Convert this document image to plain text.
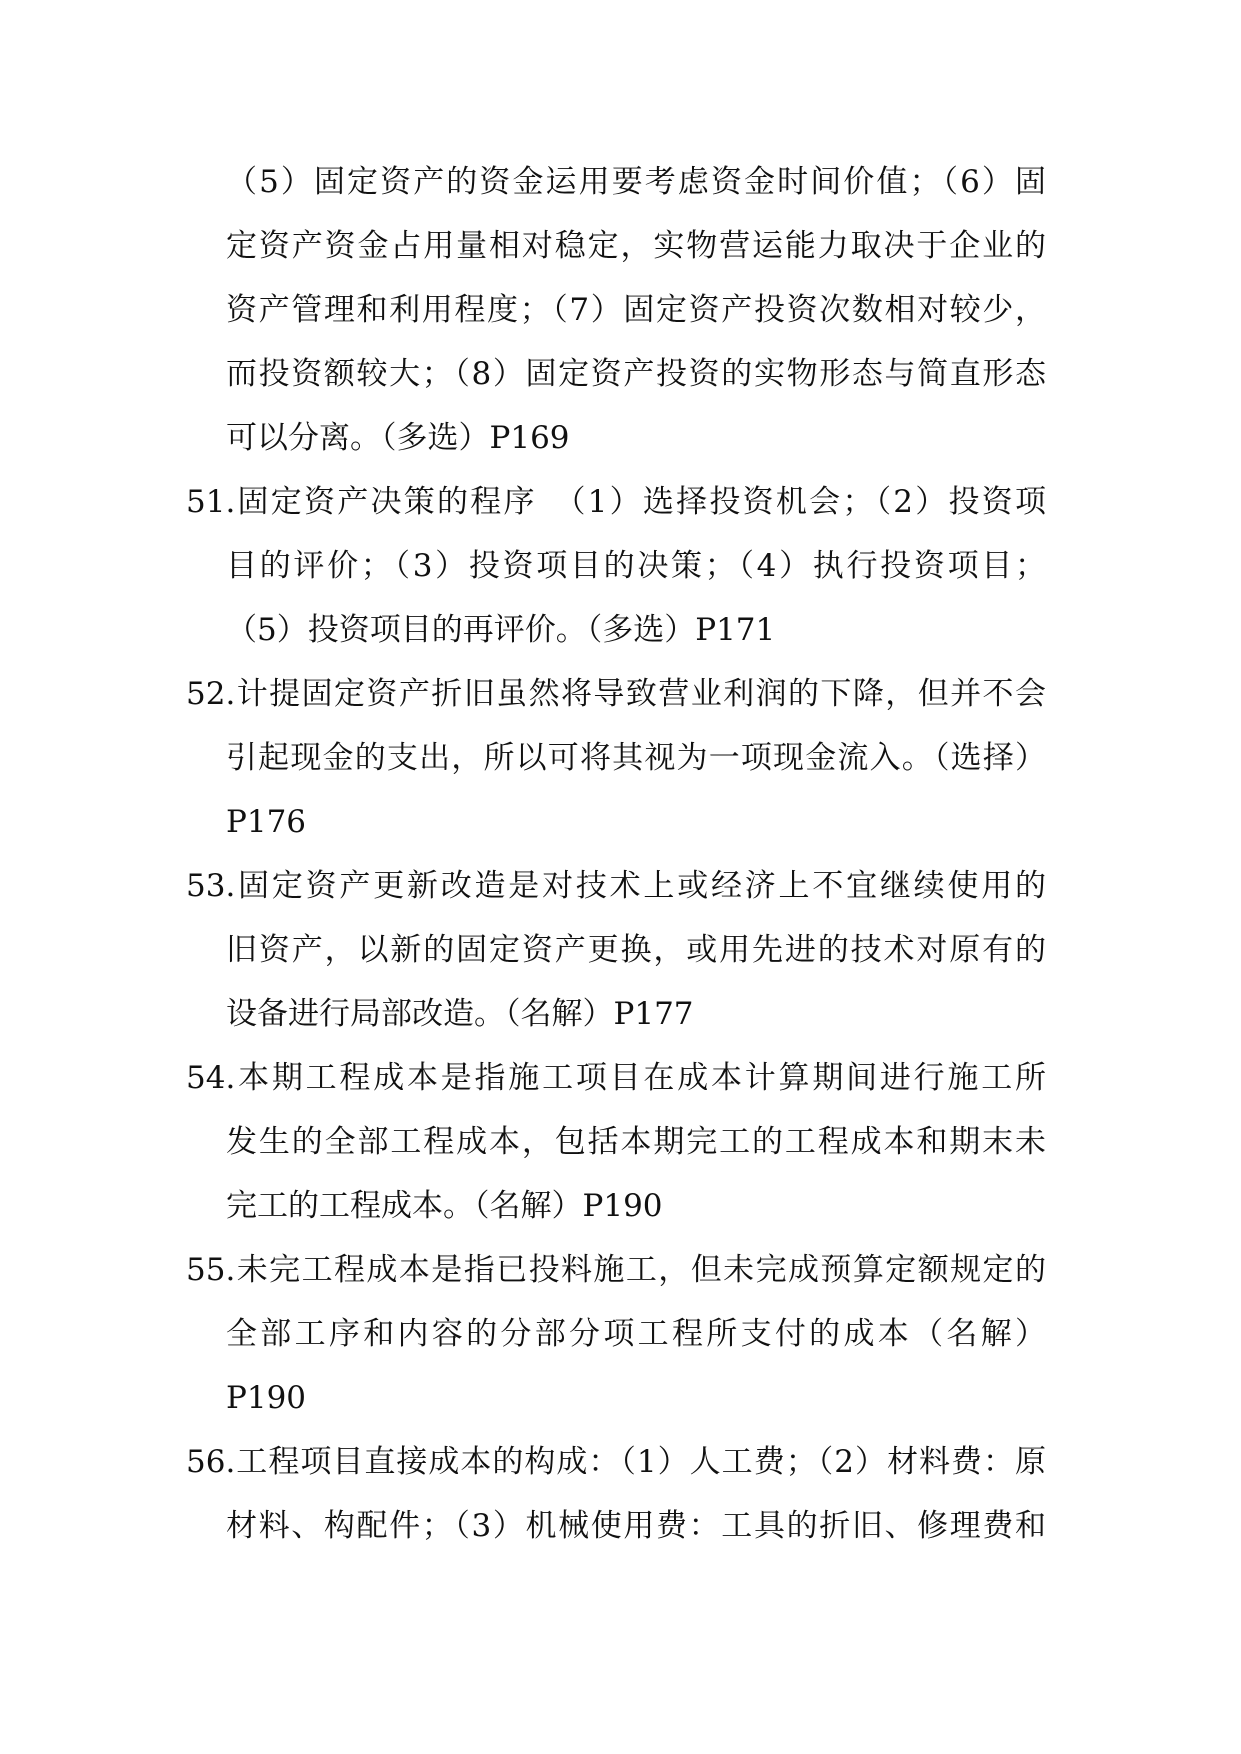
（5）固定资产的资金运用要考虑资金时间价值；（6）固
定资产资金占用量相对稳定，实物营运能力取决于企业的
资产管理和利用程度；（7）固定资产投资次数相对较少，
而投资额较大；（8）固定资产投资的实物形态与简直形态
可以分离。（多选）P169
51.固定资产决策的程序　（1）选择投资机会；（2）投资项
目的评价；（3）投资项目的决策；（4）执行投资项目；
（5）投资项目的再评价。（多选）P171
52.计提固定资产折旧虽然将导致营业利润的下降，但并不会
引起现金的支出，所以可将其视为一项现金流入。（选择）
P176
53.固定资产更新改造是对技术上或经济上不宜继续使用的
旧资产，以新的固定资产更换，或用先进的技术对原有的
设备进行局部改造。（名解）P177
54.本期工程成本是指施工项目在成本计算期间进行施工所
发生的全部工程成本，包括本期完工的工程成本和期末未
完工的工程成本。（名解）P190
55.未完工程成本是指已投料施工，但未完成预算定额规定的
全部工序和内容的分部分项工程所支付的成本（名解）
P190
56.工程项目直接成本的构成：（1）人工费；（2）材料费：原
材料、构配件；（3）机械使用费：工具的折旧、修理费和
